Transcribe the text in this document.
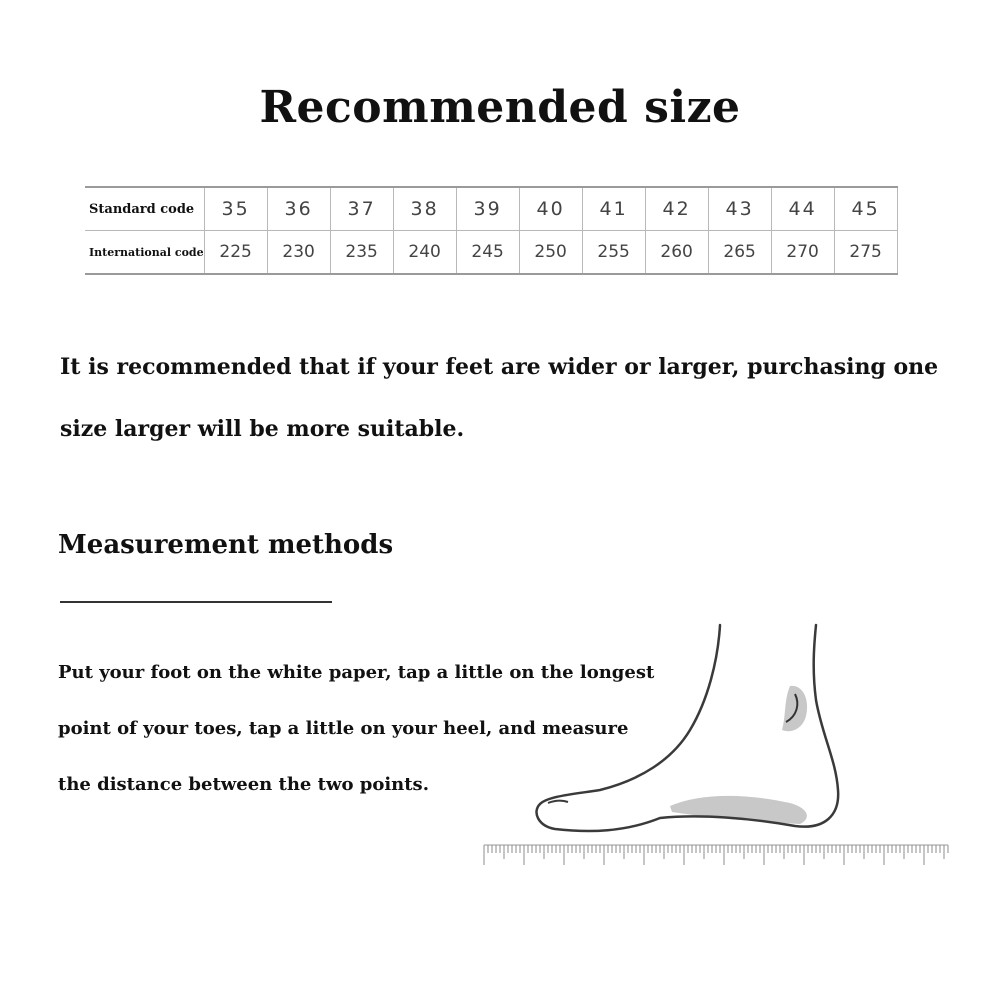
Recommended size
Standard code	35	36	37	38	39	40	41	42	43	44	45
International code	225	230	235	240	245	250	255	260	265	270	275
It is recommended that if your feet are wider or larger, purchasing one
size larger will be more suitable.
Measurement methods
Put your foot on the white paper, tap a little on the longest
point of your toes, tap a little on your heel, and measure
the distance between the two points.
